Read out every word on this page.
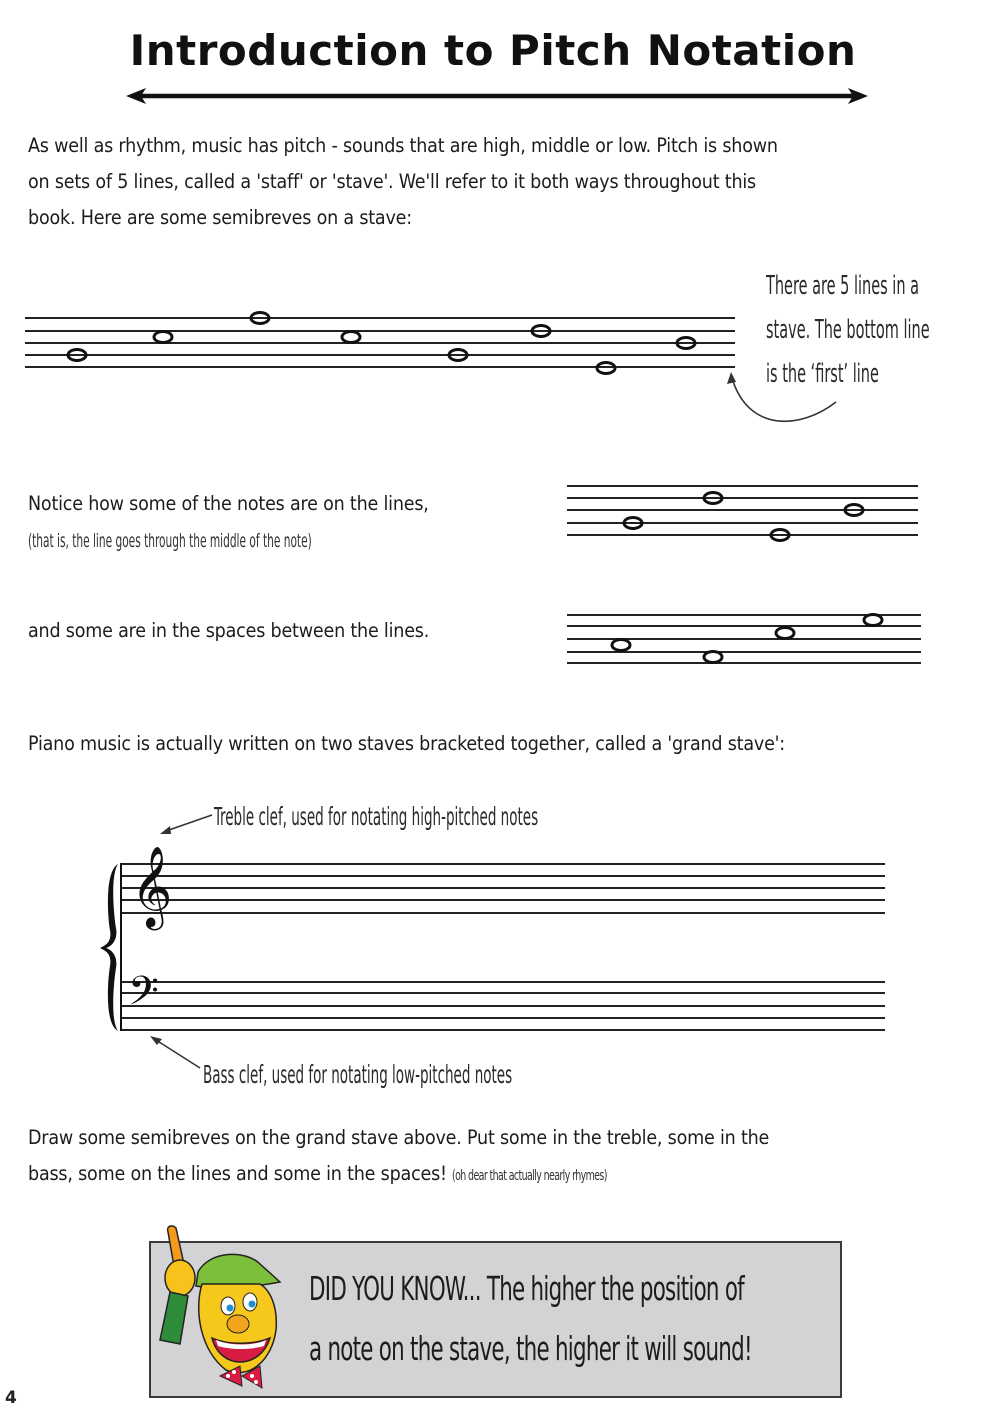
Introduction to Pitch Notation
As well as rhythm, music has pitch - sounds that are high, middle or low. Pitch is shown
on sets of 5 lines, called a 'staff' or 'stave'. We'll refer to it both ways throughout this
book. Here are some semibreves on a stave:
There are 5 lines in a
stave. The bottom line
is the ‘first’ line
Notice how some of the notes are on the lines,
(that is, the line goes through the middle of the note)
and some are in the spaces between the lines.
Piano music is actually written on two staves bracketed together, called a 'grand stave':
Treble clef, used for notating high-pitched notes
𝄞
𝄢
Bass clef, used for notating low-pitched notes
Draw some semibreves on the grand stave above. Put some in the treble, some in the
bass, some on the lines and some in the spaces! (oh dear that actually nearly rhymes)
DID YOU KNOW... The higher the position of
a note on the stave, the higher it will sound!
4
